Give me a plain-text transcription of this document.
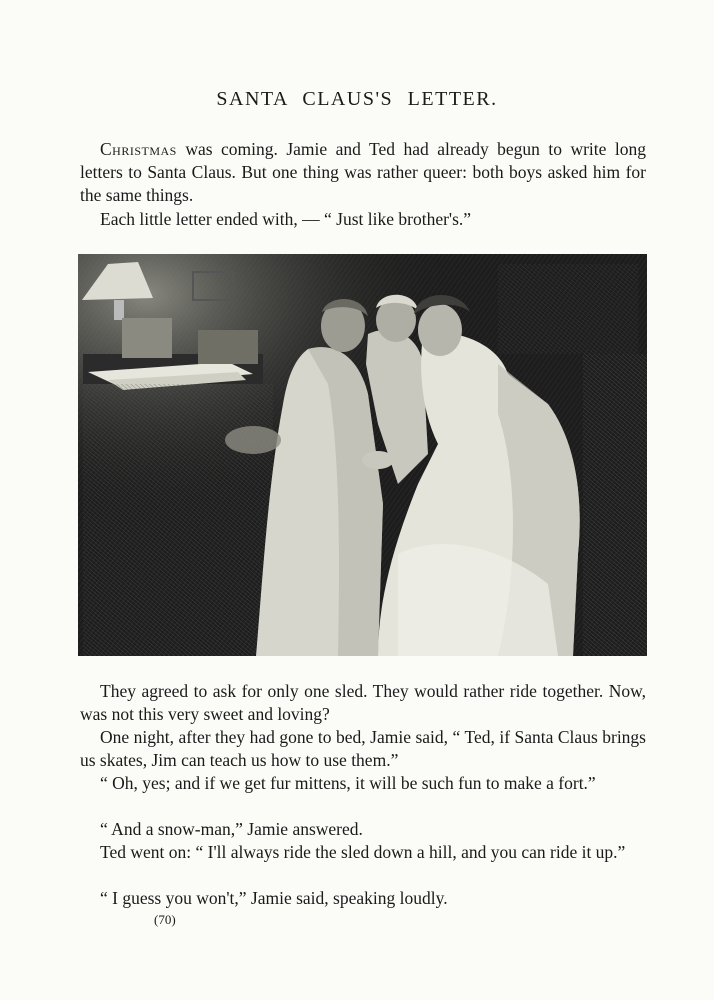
SANTA CLAUS'S LETTER.
Christmas was coming. Jamie and Ted had already begun to write long letters to Santa Claus. But one thing was rather queer: both boys asked him for the same things.
Each little letter ended with, — “ Just like brother's.”
They agreed to ask for only one sled. They would rather ride together. Now, was not this very sweet and loving?
One night, after they had gone to bed, Jamie said, “ Ted, if Santa Claus brings us skates, Jim can teach us how to use them.”
“ Oh, yes; and if we get fur mittens, it will be such fun to make a fort.”
“ And a snow-man,” Jamie answered.
Ted went on: “ I'll always ride the sled down a hill, and you can ride it up.”
“ I guess you won't,” Jamie said, speaking loudly.
(70)
